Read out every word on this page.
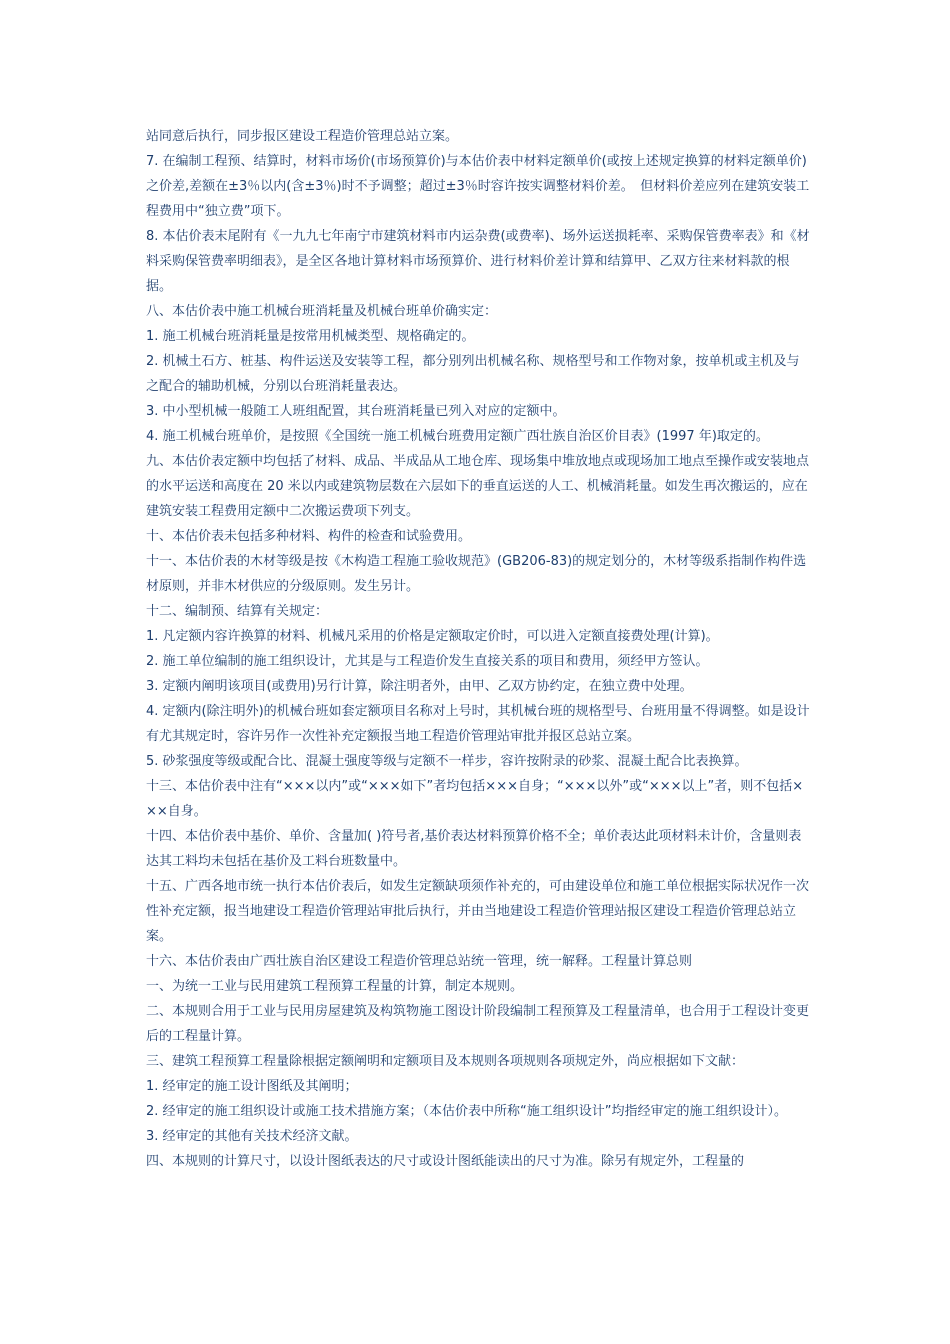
站同意后执行，同步报区建设工程造价管理总站立案。

7. 在编制工程预、结算时，材料市场价(市场预算价)与本估价表中材料定额单价(或按上述规定换算的材料定额单价)之价差,差额在±3％以内(含±3％)时不予调整；超过±3％时容许按实调整材料价差。　但材料价差应列在建筑安装工程费用中“独立费”项下。

8. 本估价表末尾附有《一九九七年南宁市建筑材料市内运杂费(或费率)、场外运送损耗率、采购保管费率表》和《材料采购保管费率明细表》，是全区各地计算材料市场预算价、进行材料价差计算和结算甲、乙双方往来材料款的根据。

八、本估价表中施工机械台班消耗量及机械台班单价确实定：

1. 施工机械台班消耗量是按常用机械类型、规格确定的。

2. 机械土石方、桩基、构件运送及安装等工程，都分别列出机械名称、规格型号和工作物对象，按单机或主机及与之配合的辅助机械，分别以台班消耗量表达。

3. 中小型机械一般随工人班组配置，其台班消耗量已列入对应的定额中。

4. 施工机械台班单价，是按照《全国统一施工机械台班费用定额广西壮族自治区价目表》(1997 年)取定的。

九、本估价表定额中均包括了材料、成品、半成品从工地仓库、现场集中堆放地点或现场加工地点至操作或安装地点的水平运送和高度在 20 米以内或建筑物层数在六层如下的垂直运送的人工、机械消耗量。如发生再次搬运的，应在建筑安装工程费用定额中二次搬运费项下列支。

十、本估价表未包括多种材料、构件的检查和试验费用。

十一、本估价表的木材等级是按《木构造工程施工验收规范》(GB206-83)的规定划分的，木材等级系指制作构件选材原则，并非木材供应的分级原则。发生另计。

十二、编制预、结算有关规定：

1. 凡定额内容许换算的材料、机械凡采用的价格是定额取定价时，可以进入定额直接费处理(计算)。

2. 施工单位编制的施工组织设计，尤其是与工程造价发生直接关系的项目和费用，须经甲方签认。

3. 定额内阐明该项目(或费用)另行计算，除注明者外，由甲、乙双方协约定，在独立费中处理。

4. 定额内(除注明外)的机械台班如套定额项目名称对上号时，其机械台班的规格型号、台班用量不得调整。如是设计有尤其规定时，容许另作一次性补充定额报当地工程造价管理站审批并报区总站立案。

5. 砂浆强度等级或配合比、混凝土强度等级与定额不一样步，容许按附录的砂浆、混凝土配合比表换算。

十三、本估价表中注有“×××以内”或“×××如下”者均包括×××自身；“×××以外”或“×××以上”者，则不包括×××自身。

十四、本估价表中基价、单价、含量加( )符号者,基价表达材料预算价格不全；单价表达此项材料未计价，含量则表达其工料均未包括在基价及工料台班数量中。

十五、广西各地市统一执行本估价表后，如发生定额缺项须作补充的，可由建设单位和施工单位根据实际状况作一次性补充定额，报当地建设工程造价管理站审批后执行，并由当地建设工程造价管理站报区建设工程造价管理总站立案。

十六、本估价表由广西壮族自治区建设工程造价管理总站统一管理，统一解释。工程量计算总则

一、为统一工业与民用建筑工程预算工程量的计算，制定本规则。

二、本规则合用于工业与民用房屋建筑及构筑物施工图设计阶段编制工程预算及工程量清单，也合用于工程设计变更后的工程量计算。

三、建筑工程预算工程量除根据定额阐明和定额项目及本规则各项规则各项规定外，尚应根据如下文献：

1. 经审定的施工设计图纸及其阐明；

2. 经审定的施工组织设计或施工技术措施方案；（本估价表中所称“施工组织设计”均指经审定的施工组织设计）。

3. 经审定的其他有关技术经济文献。

四、本规则的计算尺寸，以设计图纸表达的尺寸或设计图纸能读出的尺寸为准。除另有规定外，工程量的
